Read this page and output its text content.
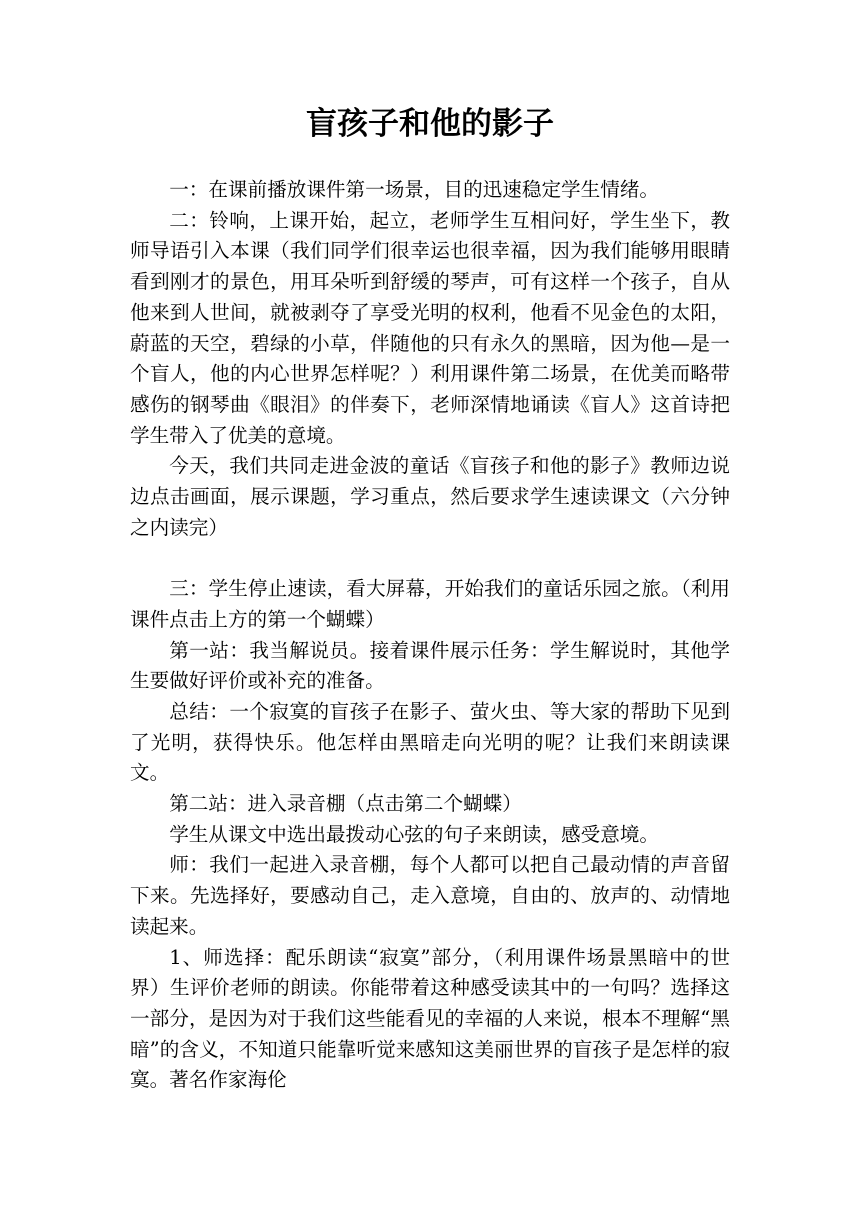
盲孩子和他的影子

一：在课前播放课件第一场景，目的迅速稳定学生情绪。

二：铃响，上课开始，起立，老师学生互相问好，学生坐下，教师导语引入本课（我们同学们很幸运也很幸福，因为我们能够用眼睛看到刚才的景色，用耳朵听到舒缓的琴声，可有这样一个孩子，自从他来到人世间，就被剥夺了享受光明的权利，他看不见金色的太阳，蔚蓝的天空，碧绿的小草，伴随他的只有永久的黑暗，因为他—是一个盲人，他的内心世界怎样呢？）利用课件第二场景，在优美而略带感伤的钢琴曲《眼泪》的伴奏下，老师深情地诵读《盲人》这首诗把学生带入了优美的意境。

今天，我们共同走进金波的童话《盲孩子和他的影子》教师边说边点击画面，展示课题，学习重点，然后要求学生速读课文（六分钟之内读完）

三：学生停止速读，看大屏幕，开始我们的童话乐园之旅。（利用课件点击上方的第一个蝴蝶）

第一站：我当解说员。接着课件展示任务：学生解说时，其他学生要做好评价或补充的准备。

总结：一个寂寞的盲孩子在影子、萤火虫、等大家的帮助下见到了光明，获得快乐。他怎样由黑暗走向光明的呢？让我们来朗读课文。

第二站：进入录音棚（点击第二个蝴蝶）

学生从课文中选出最拨动心弦的句子来朗读，感受意境。

师：我们一起进入录音棚，每个人都可以把自己最动情的声音留下来。先选择好，要感动自己，走入意境，自由的、放声的、动情地读起来。

1、师选择：配乐朗读“寂寞”部分，（利用课件场景黑暗中的世界）生评价老师的朗读。你能带着这种感受读其中的一句吗？选择这一部分，是因为对于我们这些能看见的幸福的人来说，根本不理解“黑暗”的含义，不知道只能靠听觉来感知这美丽世界的盲孩子是怎样的寂寞。著名作家海伦
